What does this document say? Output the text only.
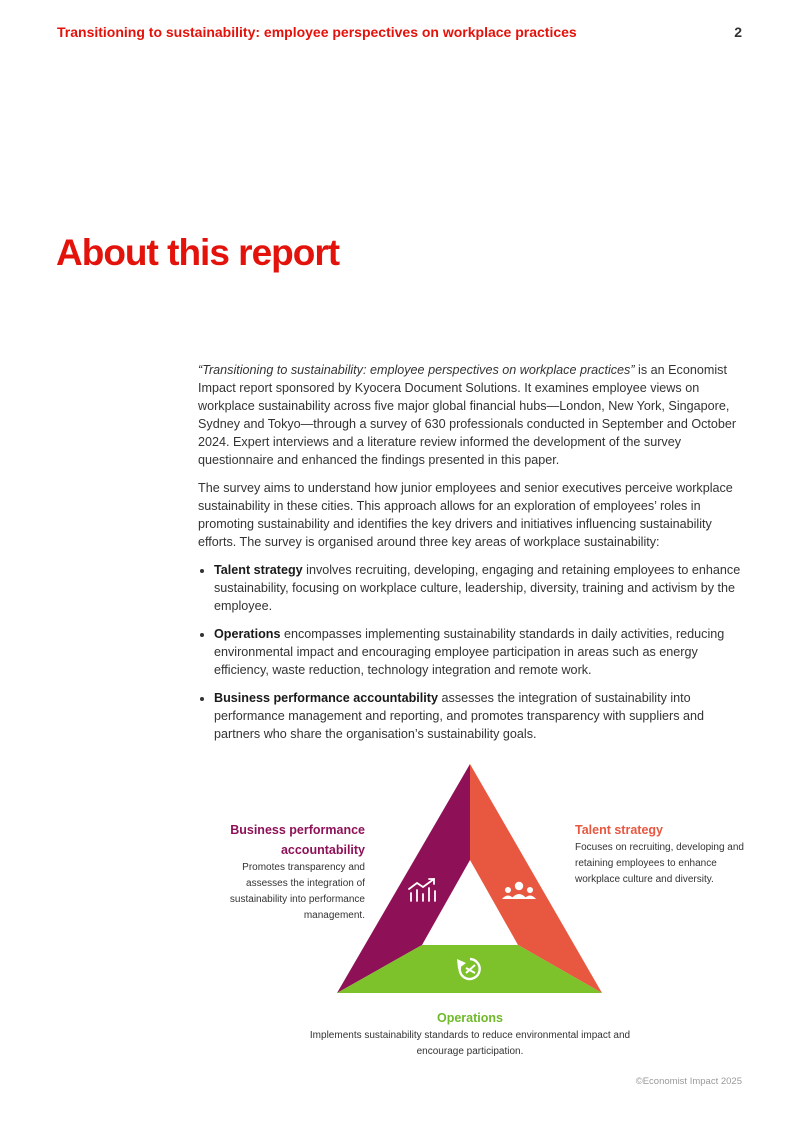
Transitioning to sustainability: employee perspectives on workplace practices	2
About this report

“Transitioning to sustainability: employee perspectives on workplace practices” is an Economist Impact report sponsored by Kyocera Document Solutions. It examines employee views on workplace sustainability across five major global financial hubs—London, New York, Singapore, Sydney and Tokyo—through a survey of 630 professionals conducted in September and October 2024. Expert interviews and a literature review informed the development of the survey questionnaire and enhanced the findings presented in this paper.

The survey aims to understand how junior employees and senior executives perceive workplace sustainability in these cities. This approach allows for an exploration of employees’ roles in promoting sustainability and identifies the key drivers and initiatives influencing sustainability efforts. The survey is organised around three key areas of workplace sustainability:

• Talent strategy involves recruiting, developing, engaging and retaining employees to enhance sustainability, focusing on workplace culture, leadership, diversity, training and activism by the employee.
• Operations encompasses implementing sustainability standards in daily activities, reducing environmental impact and encouraging employee participation in areas such as energy efficiency, waste reduction, technology integration and remote work.
• Business performance accountability assesses the integration of sustainability into performance management and reporting, and promotes transparency with suppliers and partners who share the organisation’s sustainability goals.
Business performance accountability
Promotes transparency and assesses the integration of sustainability into performance management.
Talent strategy
Focuses on recruiting, developing and retaining employees to enhance workplace culture and diversity.
Operations
Implements sustainability standards to reduce environmental impact and encourage participation.
©Economist Impact 2025
